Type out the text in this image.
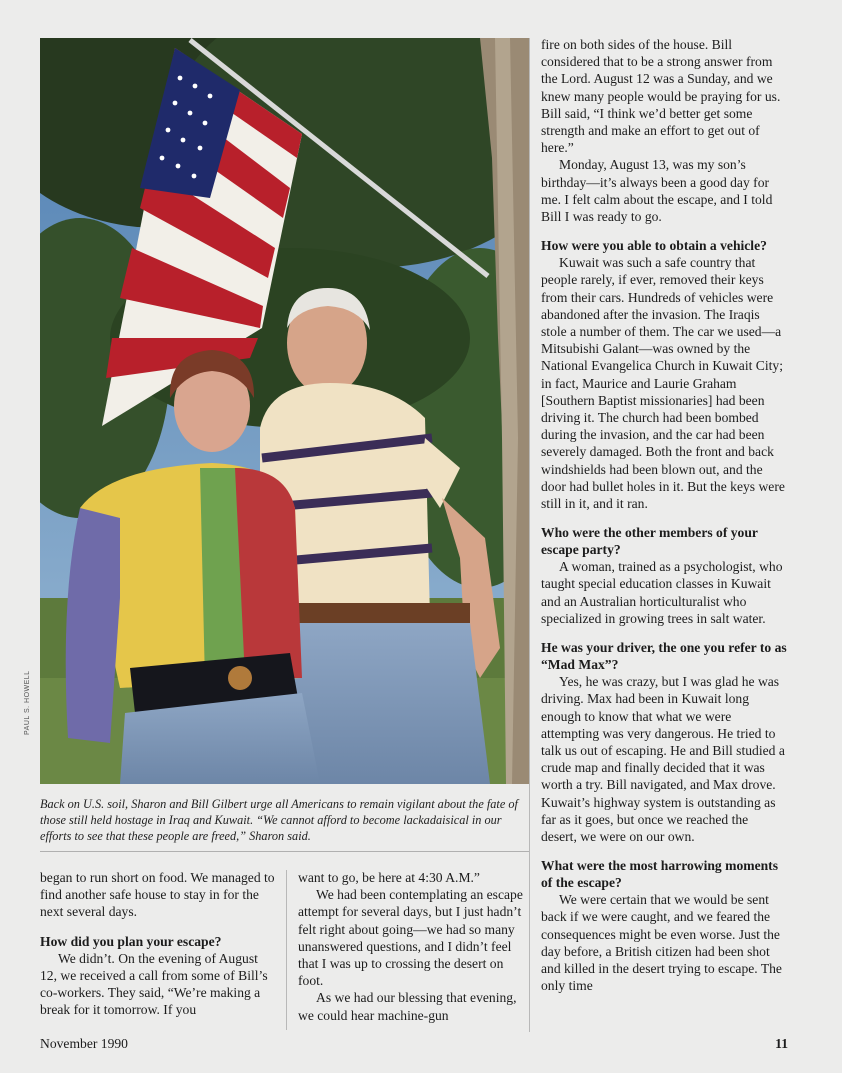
PAUL S. HOWELL
Back on U.S. soil, Sharon and Bill Gilbert urge all Americans to remain vigilant about the fate of those still held hostage in Iraq and Kuwait. “We cannot afford to become lackadaisical in our efforts to see that these people are freed,” Sharon said.

began to run short on food. We managed to find another safe house to stay in for the next several days.

How did you plan your escape?

We didn’t. On the evening of August 12, we received a call from some of Bill’s co-workers. They said, “We’re making a break for it tomorrow. If you

want to go, be here at 4:30 A.M.”

We had been contemplating an escape attempt for several days, but I just hadn’t felt right about going—we had so many unanswered questions, and I didn’t feel that I was up to crossing the desert on foot.

As we had our blessing that evening, we could hear machine-gun

fire on both sides of the house. Bill considered that to be a strong answer from the Lord. August 12 was a Sunday, and we knew many people would be praying for us. Bill said, “I think we’d better get some strength and make an effort to get out of here.”

Monday, August 13, was my son’s birthday—it’s always been a good day for me. I felt calm about the escape, and I told Bill I was ready to go.

How were you able to obtain a vehicle?

Kuwait was such a safe country that people rarely, if ever, removed their keys from their cars. Hundreds of vehicles were abandoned after the invasion. The Iraqis stole a number of them. The car we used—a Mitsubishi Galant—was owned by the National Evangelica Church in Kuwait City; in fact, Maurice and Laurie Graham [Southern Baptist missionaries] had been driving it. The church had been bombed during the invasion, and the car had been severely damaged. Both the front and back windshields had been blown out, and the door had bullet holes in it. But the keys were still in it, and it ran.

Who were the other members of your escape party?

A woman, trained as a psychologist, who taught special education classes in Kuwait and an Australian horticulturalist who specialized in growing trees in salt water.

He was your driver, the one you refer to as “Mad Max”?

Yes, he was crazy, but I was glad he was driving. Max had been in Kuwait long enough to know that what we were attempting was very dangerous. He tried to talk us out of escaping. He and Bill studied a crude map and finally decided that it was worth a try. Bill navigated, and Max drove. Kuwait’s highway system is outstanding as far as it goes, but once we reached the desert, we were on our own.

What were the most harrowing moments of the escape?

We were certain that we would be sent back if we were caught, and we feared the consequences might be even worse. Just the day before, a British citizen had been shot and killed in the desert trying to escape. The only time

November 1990	11
